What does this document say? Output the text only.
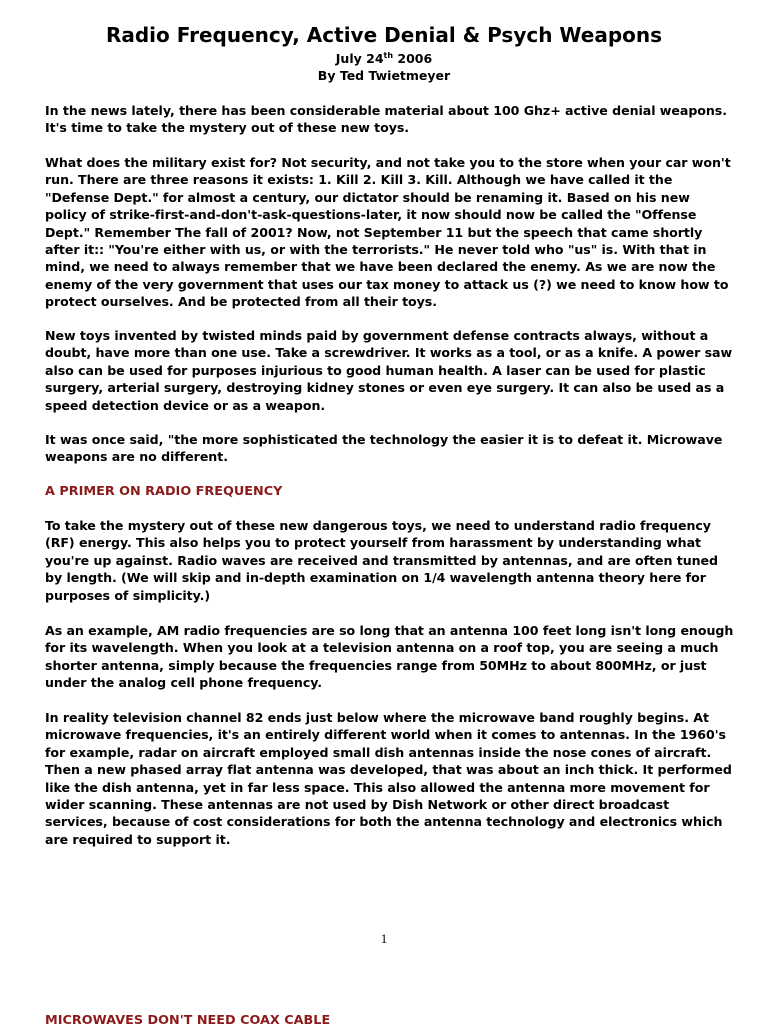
Radio Frequency, Active Denial & Psych Weapons

July 24th 2006

By Ted Twietmeyer

In the news lately, there has been considerable material about 100 Ghz+ active denial weapons. It's time to take the mystery out of these new toys.

What does the military exist for? Not security, and not take you to the store when your car won't run. There are three reasons it exists: 1. Kill 2. Kill 3. Kill. Although we have called it the "Defense Dept." for almost a century, our dictator should be renaming it. Based on his new policy of strike-first-and-don't-ask-questions-later, it now should now be called the "Offense Dept." Remember The fall of 2001? Now, not September 11 but the speech that came shortly after it:: "You're either with us, or with the terrorists." He never told who "us" is. With that in mind, we need to always remember that we have been declared the enemy. As we are now the enemy of the very government that uses our tax money to attack us (?) we need to know how to protect ourselves. And be protected from all their toys.

New toys invented by twisted minds paid by government defense contracts always, without a doubt, have more than one use. Take a screwdriver. It works as a tool, or as a knife. A power saw also can be used for purposes injurious to good human health. A laser can be used for plastic surgery, arterial surgery, destroying kidney stones or even eye surgery. It can also be used as a speed detection device or as a weapon.

It was once said, "the more sophisticated the technology the easier it is to defeat it. Microwave weapons are no different.

A PRIMER ON RADIO FREQUENCY

To take the mystery out of these new dangerous toys, we need to understand radio frequency (RF) energy. This also helps you to protect yourself from harassment by understanding what you're up against. Radio waves are received and transmitted by antennas, and are often tuned by length. (We will skip and in-depth examination on 1/4 wavelength antenna theory here for purposes of simplicity.)

As an example, AM radio frequencies are so long that an antenna 100 feet long isn't long enough for its wavelength. When you look at a television antenna on a roof top, you are seeing a much shorter antenna, simply because the frequencies range from 50MHz to about 800MHz, or just under the analog cell phone frequency.

In reality television channel 82 ends just below where the microwave band roughly begins. At microwave frequencies, it's an entirely different world when it comes to antennas. In the 1960's for example, radar on aircraft employed small dish antennas inside the nose cones of aircraft. Then a new phased array flat antenna was developed, that was about an inch thick. It performed like the dish antenna, yet in far less space. This also allowed the antenna more movement for wider scanning. These antennas are not used by Dish Network or other direct broadcast services, because of cost considerations for both the antenna technology and electronics which are required to support it.

1

MICROWAVES DON'T NEED COAX CABLE
